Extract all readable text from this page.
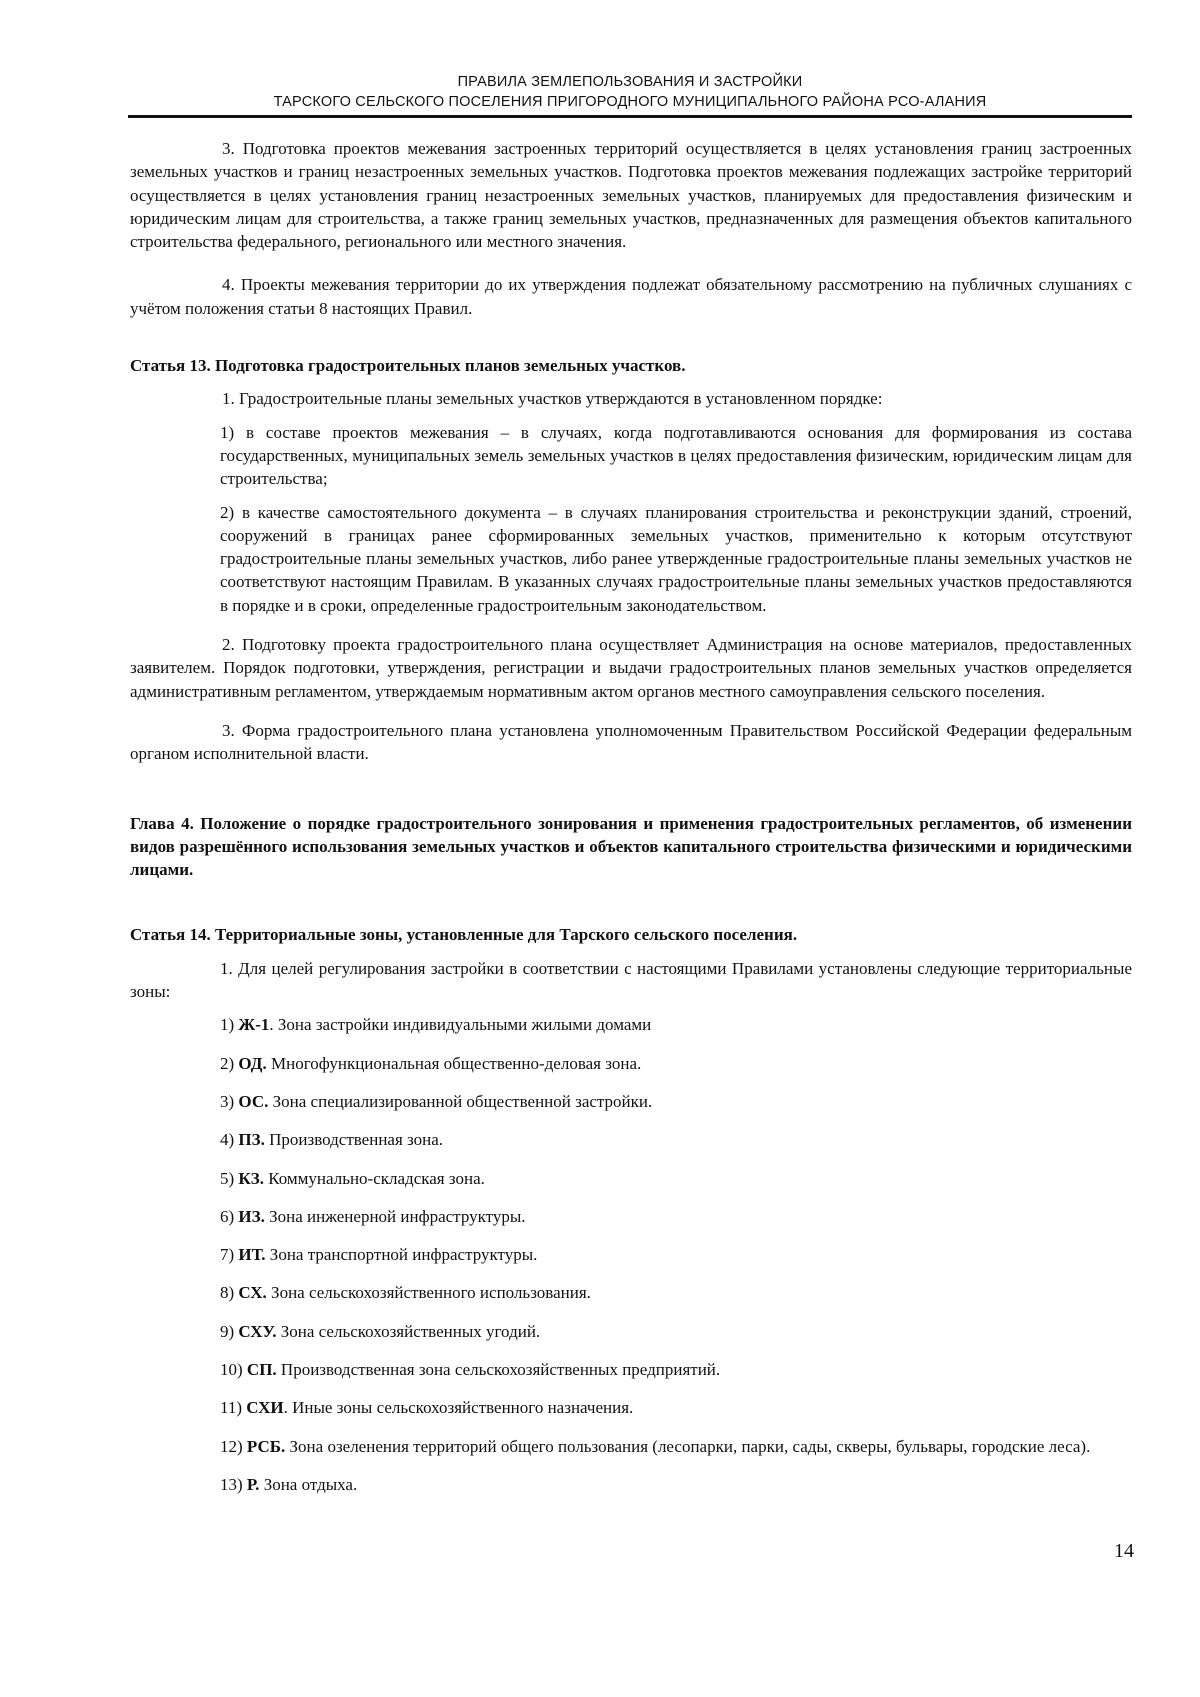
ПРАВИЛА ЗЕМЛЕПОЛЬЗОВАНИЯ И ЗАСТРОЙКИ
ТАРСКОГО СЕЛЬСКОГО ПОСЕЛЕНИЯ ПРИГОРОДНОГО МУНИЦИПАЛЬНОГО РАЙОНА РСО-АЛАНИЯ

3. Подготовка проектов межевания застроенных территорий осуществляется в целях установления границ застроенных земельных участков и границ незастроенных земельных участков. Подготовка проектов межевания подлежащих застройке территорий осуществляется в целях установления границ незастроенных земельных участков, планируемых для предоставления физическим и юридическим лицам для строительства, а также границ земельных участков, предназначенных для размещения объектов капитального строительства федерального, регионального или местного значения.

4. Проекты межевания территории до их утверждения подлежат обязательному рассмотрению на публичных слушаниях с учётом положения статьи 8 настоящих Правил.

Статья 13. Подготовка градостроительных планов земельных участков.

1. Градостроительные планы земельных участков утверждаются в установленном порядке:

1) в составе проектов межевания – в случаях, когда подготавливаются основания для формирования из состава государственных, муниципальных земель земельных участков в целях предоставления физическим, юридическим лицам для строительства;

2) в качестве самостоятельного документа – в случаях планирования строительства и реконструкции зданий, строений, сооружений в границах ранее сформированных земельных участков, применительно к которым отсутствуют градостроительные планы земельных участков, либо ранее утвержденные градостроительные планы земельных участков не соответствуют настоящим Правилам. В указанных случаях градостроительные планы земельных участков предоставляются в порядке и в сроки, определенные градостроительным законодательством.

2. Подготовку проекта градостроительного плана осуществляет Администрация на основе материалов, предоставленных заявителем. Порядок подготовки, утверждения, регистрации и выдачи градостроительных планов земельных участков определяется административным регламентом, утверждаемым нормативным актом органов местного самоуправления сельского поселения.

3. Форма градостроительного плана установлена уполномоченным Правительством Российской Федерации федеральным органом исполнительной власти.

Глава 4. Положение о порядке градостроительного зонирования и применения градостроительных регламентов, об изменении видов разрешённого использования земельных участков и объектов капитального строительства физическими и юридическими лицами.

Статья 14. Территориальные зоны, установленные для Тарского сельского поселения.

1. Для целей регулирования застройки в соответствии с настоящими Правилами установлены следующие территориальные зоны:

1) Ж-1. Зона застройки индивидуальными жилыми домами

2) ОД. Многофункциональная общественно-деловая зона.

3) ОС. Зона специализированной общественной застройки.

4) ПЗ. Производственная зона.

5) КЗ. Коммунально-складская зона.

6) ИЗ. Зона инженерной инфраструктуры.

7) ИТ. Зона транспортной инфраструктуры.

8) СХ. Зона сельскохозяйственного использования.

9) СХУ. Зона сельскохозяйственных угодий.

10) СП. Производственная зона сельскохозяйственных предприятий.

11) СХИ. Иные зоны сельскохозяйственного назначения.

12) РСБ. Зона озеленения территорий общего пользования (лесопарки, парки, сады, скверы, бульвары, городские леса).

13) Р. Зона отдыха.

14
